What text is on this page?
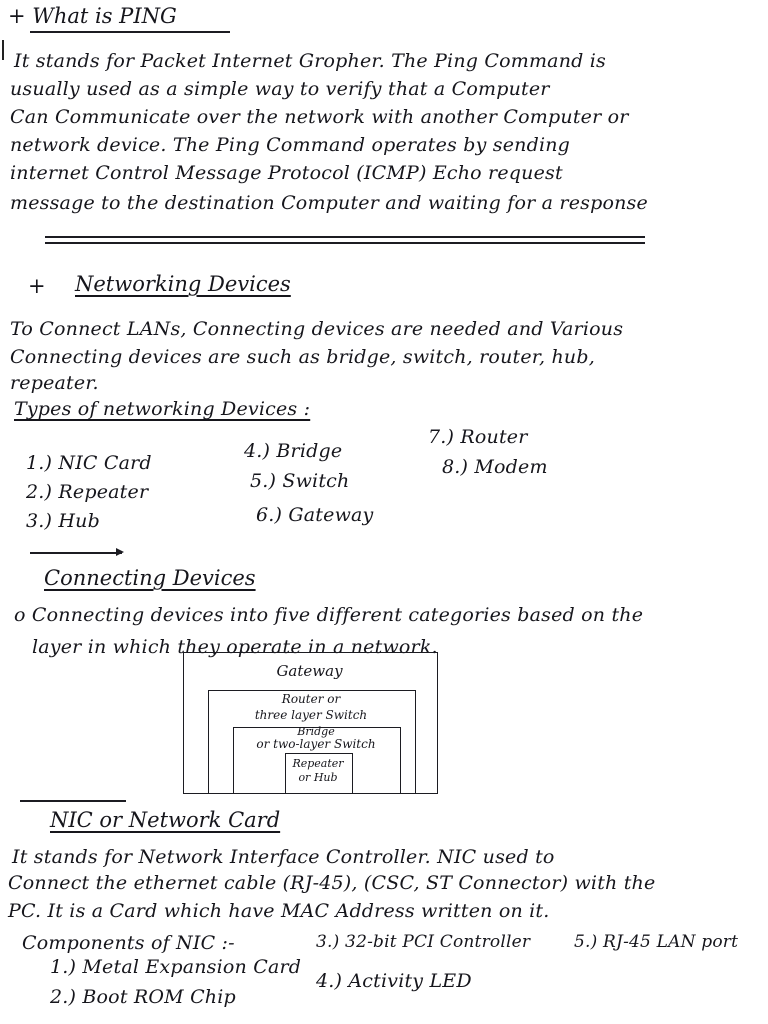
+ What is PING
It stands for Packet Internet Gropher. The Ping Command is
usually used as a simple way to verify that a Computer
Can Communicate over the network with another Computer or
network device. The Ping Command operates by sending
internet Control Message Protocol (ICMP) Echo request
message to the destination Computer and waiting for a response
+ Networking Devices
To Connect LANs, Connecting devices are needed and Various
Connecting devices are such as bridge, switch, router, hub,
repeater.
Types of networking Devices :
1.) NIC Card
2.) Repeater
3.) Hub
4.) Bridge
5.) Switch
6.) Gateway
7.) Router
8.) Modem
Connecting Devices
o Connecting devices into five different categories based on the
layer in which they operate in a network.
Gateway
Router or
three layer Switch
Bridge
or two-layer Switch
Repeater
or Hub
NIC or Network Card
It stands for Network Interface Controller. NIC used to
Connect the ethernet cable (RJ-45), (CSC, ST Connector) with the
PC. It is a Card which have MAC Address written on it.
Components of NIC :-
1.) Metal Expansion Card
2.) Boot ROM Chip
3.) 32-bit PCI Controller
4.) Activity LED
5.) RJ-45 LAN port
